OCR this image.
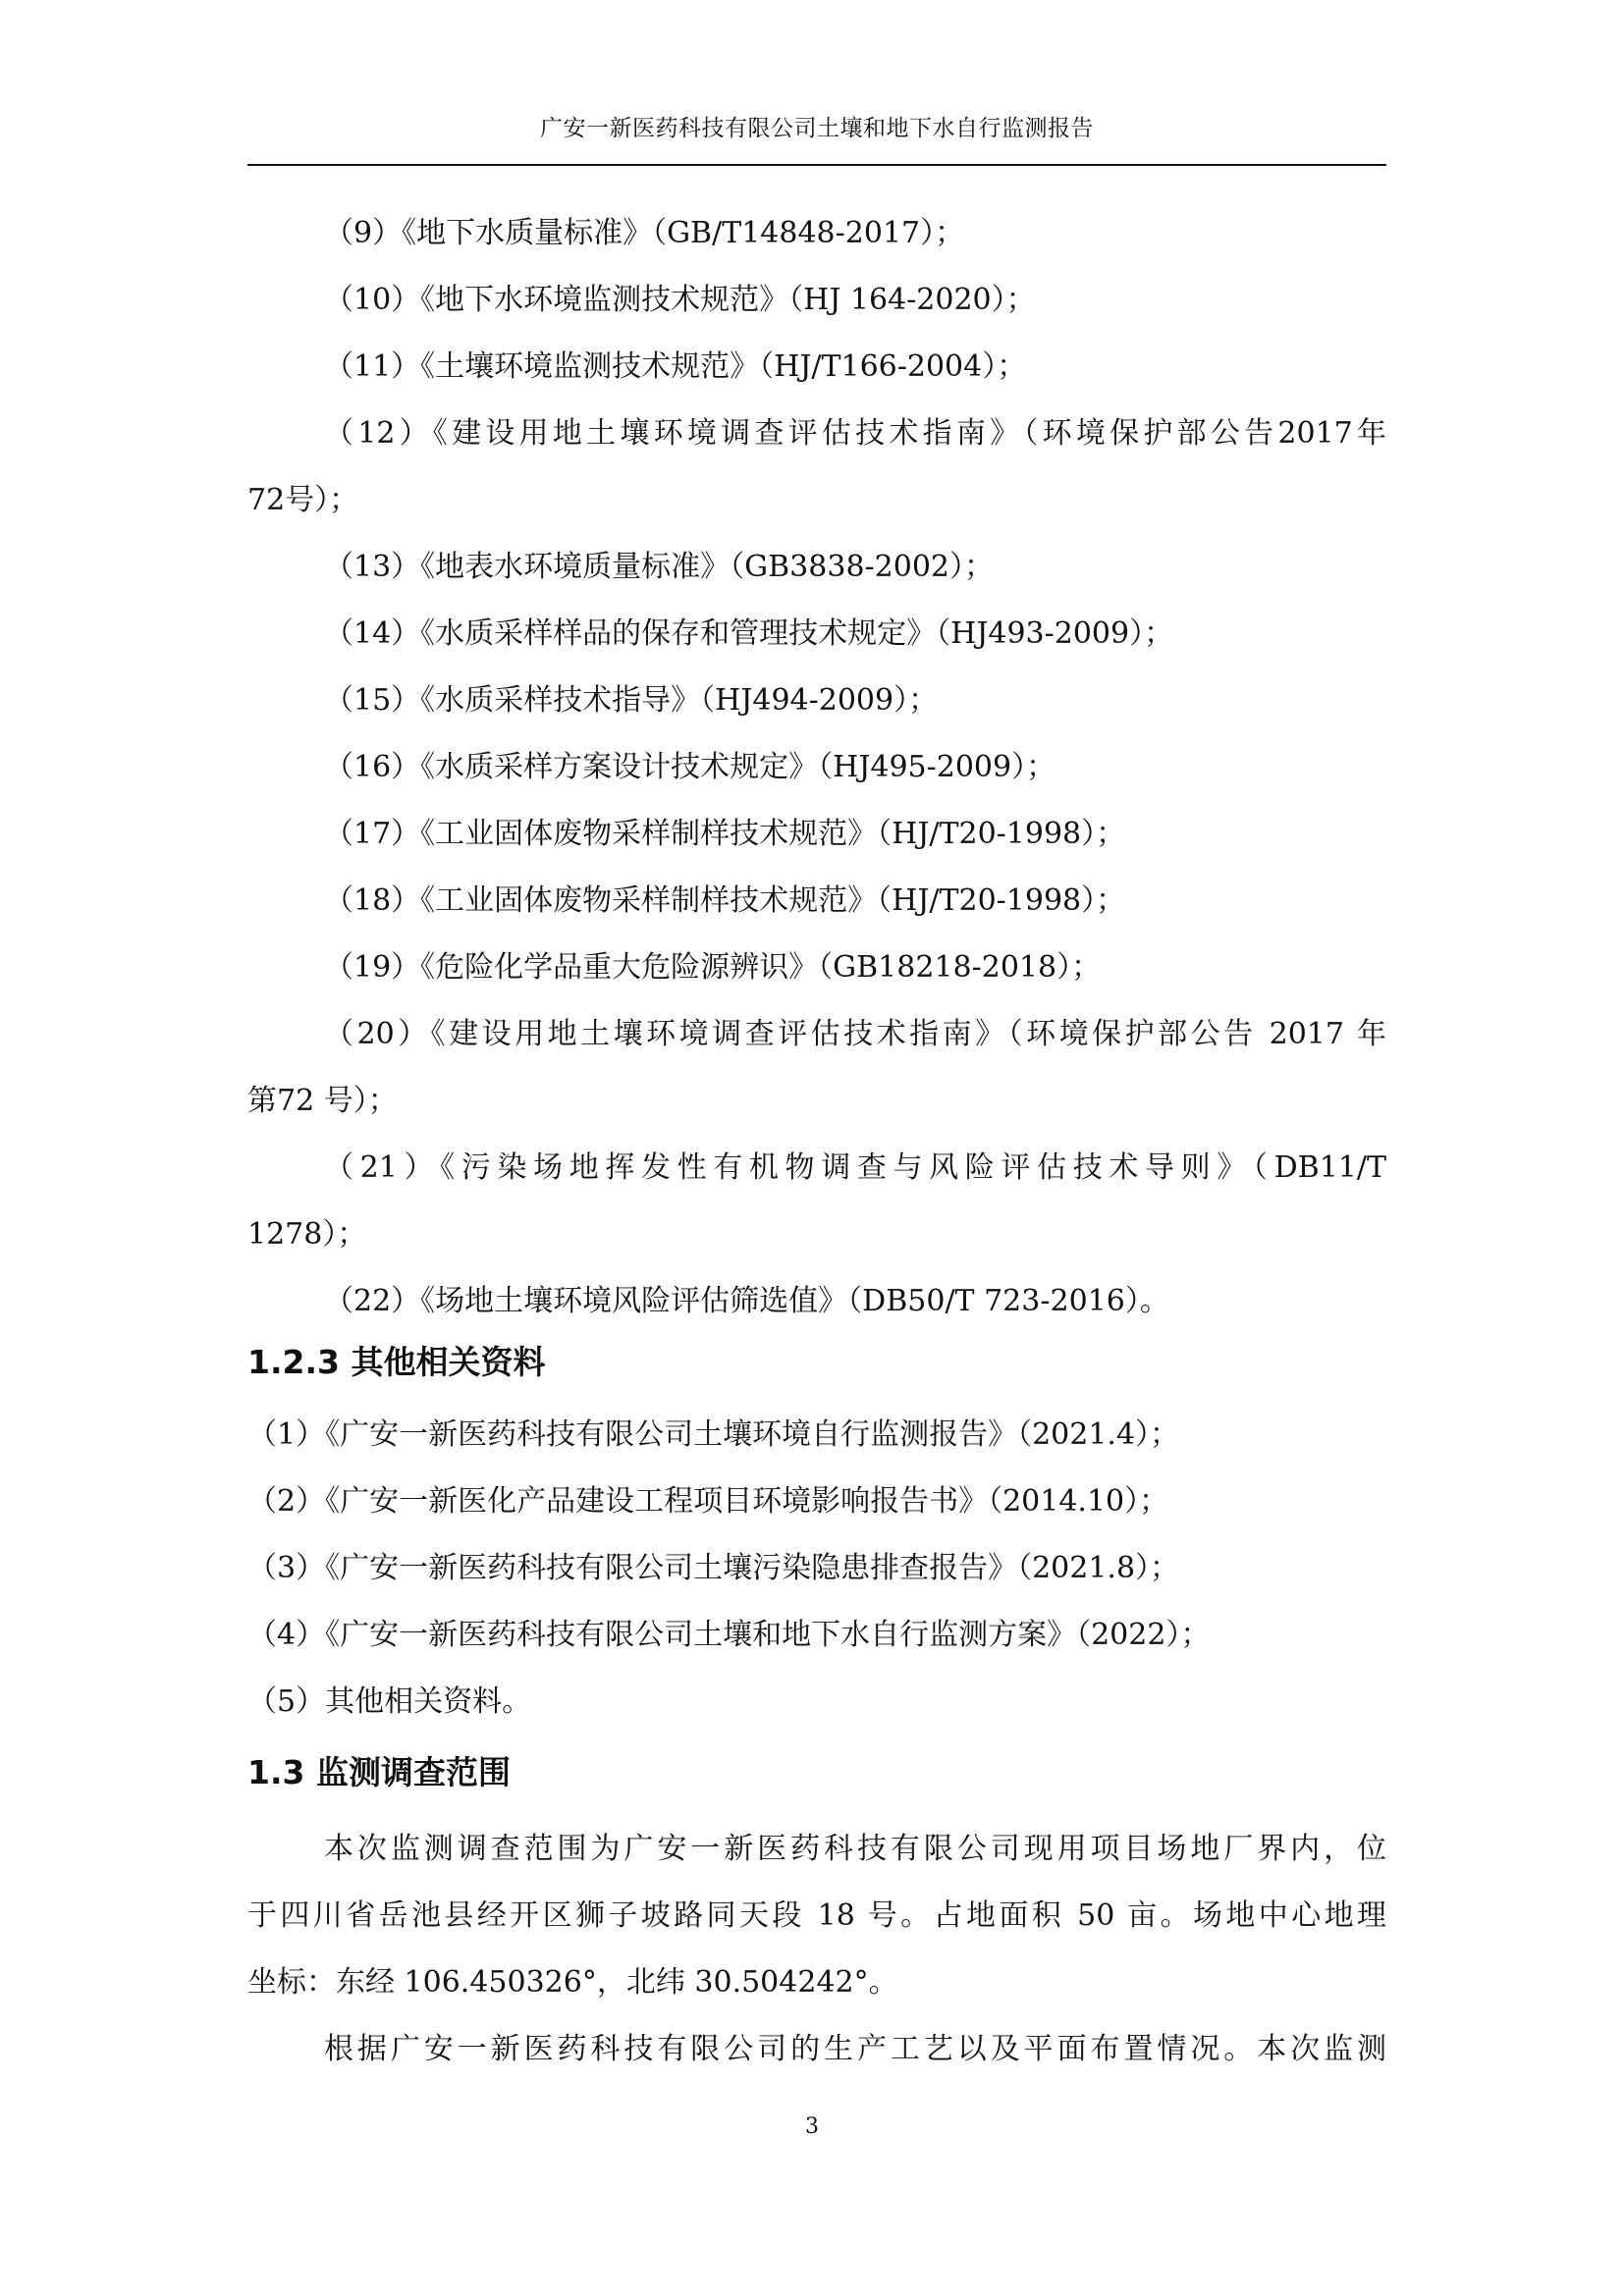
广安一新医药科技有限公司土壤和地下水自行监测报告
（9）《地下水质量标准》（GB/T14848-2017）；
（10）《地下水环境监测技术规范》（HJ 164-2020）；
（11）《土壤环境监测技术规范》（HJ/T166-2004）；
（12）《建设用地土壤环境调查评估技术指南》（环境保护部公告2017年
72号）；
（13）《地表水环境质量标准》（GB3838-2002）；
（14）《水质采样样品的保存和管理技术规定》（HJ493-2009）；
（15）《水质采样技术指导》（HJ494-2009）；
（16）《水质采样方案设计技术规定》（HJ495-2009）；
（17）《工业固体废物采样制样技术规范》（HJ/T20-1998）；
（18）《工业固体废物采样制样技术规范》（HJ/T20-1998）；
（19）《危险化学品重大危险源辨识》（GB18218-2018）；
（20）《建设用地土壤环境调查评估技术指南》（环境保护部公告 2017 年
第72 号）；
（21）《污染场地挥发性有机物调查与风险评估技术导则》（DB11/T
1278）；
（22）《场地土壤环境风险评估筛选值》（DB50/T 723-2016）。
1.2.3 其他相关资料
（1）《广安一新医药科技有限公司土壤环境自行监测报告》（2021.4）；
（2）《广安一新医化产品建设工程项目环境影响报告书》（2014.10）；
（3）《广安一新医药科技有限公司土壤污染隐患排查报告》（2021.8）；
（4）《广安一新医药科技有限公司土壤和地下水自行监测方案》（2022）；
（5）其他相关资料。
1.3 监测调查范围
本次监测调查范围为广安一新医药科技有限公司现用项目场地厂界内，位
于四川省岳池县经开区狮子坡路同天段 18 号。占地面积 50 亩。场地中心地理
坐标：东经 106.450326°，北纬 30.504242°。
根据广安一新医药科技有限公司的生产工艺以及平面布置情况。本次监测
3
